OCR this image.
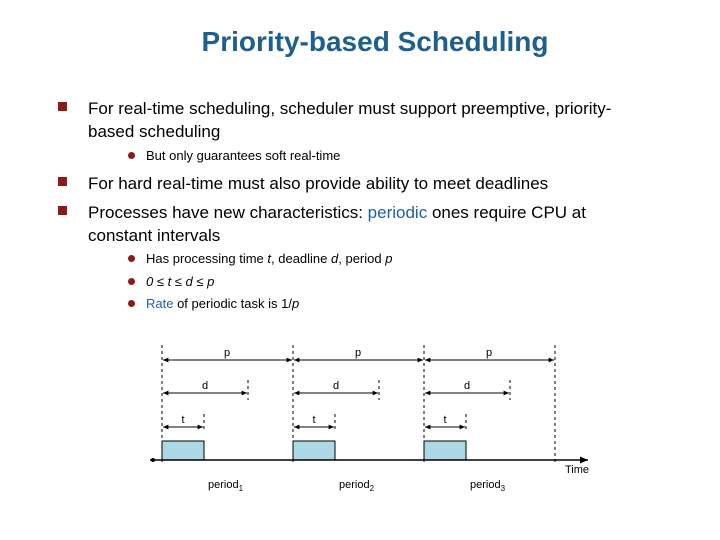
Priority-based Scheduling
For real-time scheduling, scheduler must support preemptive, priority-
based scheduling
But only guarantees soft real-time
For hard real-time must also provide ability to meet deadlines
Processes have new characteristics: periodic ones require CPU at
constant intervals
Has processing time t, deadline d, period p
0 ≤ t ≤ d ≤ p
Rate of periodic task is 1/p
p	p	p
d	d	d
t	t	t
Time
period$_1$	period$_2$	period$_3$
